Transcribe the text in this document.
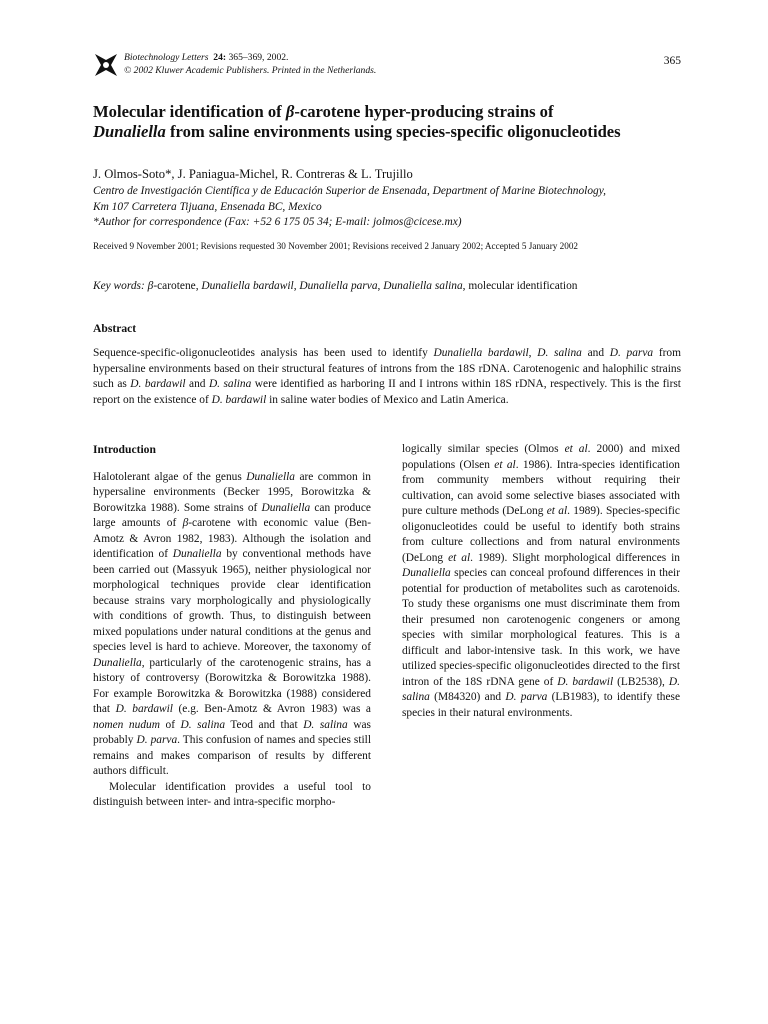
Biotechnology Letters 24: 365–369, 2002.
© 2002 Kluwer Academic Publishers. Printed in the Netherlands.
365
Molecular identification of β-carotene hyper-producing strains of
Dunaliella from saline environments using species-specific oligonucleotides
J. Olmos-Soto*, J. Paniagua-Michel, R. Contreras & L. Trujillo
Centro de Investigación Científica y de Educación Superior de Ensenada, Department of Marine Biotechnology,
Km 107 Carretera Tijuana, Ensenada BC, Mexico
*Author for correspondence (Fax: +52 6 175 05 34; E-mail: jolmos@cicese.mx)
Received 9 November 2001; Revisions requested 30 November 2001; Revisions received 2 January 2002; Accepted 5 January 2002
Key words: β-carotene, Dunaliella bardawil, Dunaliella parva, Dunaliella salina, molecular identification
Abstract
Sequence-specific-oligonucleotides analysis has been used to identify Dunaliella bardawil, D. salina and D. parva from hypersaline environments based on their structural features of introns from the 18S rDNA. Carotenogenic and halophilic strains such as D. bardawil and D. salina were identified as harboring II and I introns within 18S rDNA, respectively. This is the first report on the existence of D. bardawil in saline water bodies of Mexico and Latin America.
Introduction

Halotolerant algae of the genus Dunaliella are common in hypersaline environments (Becker 1995, Borowitzka & Borowitzka 1988). Some strains of Dunaliella can produce large amounts of β-carotene with economic value (Ben-Amotz & Avron 1982, 1983). Although the isolation and identification of Dunaliella by conventional methods have been carried out (Massyuk 1965), neither physiological nor morphological techniques provide clear identification because strains vary morphologically and physiologically with conditions of growth. Thus, to distinguish between mixed populations under natural conditions at the genus and species level is hard to achieve. Moreover, the taxonomy of Dunaliella, particularly of the carotenogenic strains, has a history of controversy (Borowitzka & Borowitzka 1988). For example Borowitzka & Borowitzka (1988) considered that D. bardawil (e.g. Ben-Amotz & Avron 1983) was a nomen nudum of D. salina Teod and that D. salina was probably D. parva. This confusion of names and species still remains and makes comparison of results by different authors difficult.

Molecular identification provides a useful tool to distinguish between inter- and intra-specific morpho-

logically similar species (Olmos et al. 2000) and mixed populations (Olsen et al. 1986). Intra-species identification from community members without requiring their cultivation, can avoid some selective biases associated with pure culture methods (DeLong et al. 1989). Species-specific oligonucleotides could be useful to identify both strains from culture collections and from natural environments (DeLong et al. 1989). Slight morphological differences in Dunaliella species can conceal profound differences in their potential for production of metabolites such as carotenoids. To study these organisms one must discriminate them from their presumed non carotenogenic congeners or among species with similar morphological features. This is a difficult and labor-intensive task. In this work, we have utilized species-specific oligonucleotides directed to the first intron of the 18S rDNA gene of D. bardawil (LB2538), D. salina (M84320) and D. parva (LB1983), to identify these species in their natural environments.
